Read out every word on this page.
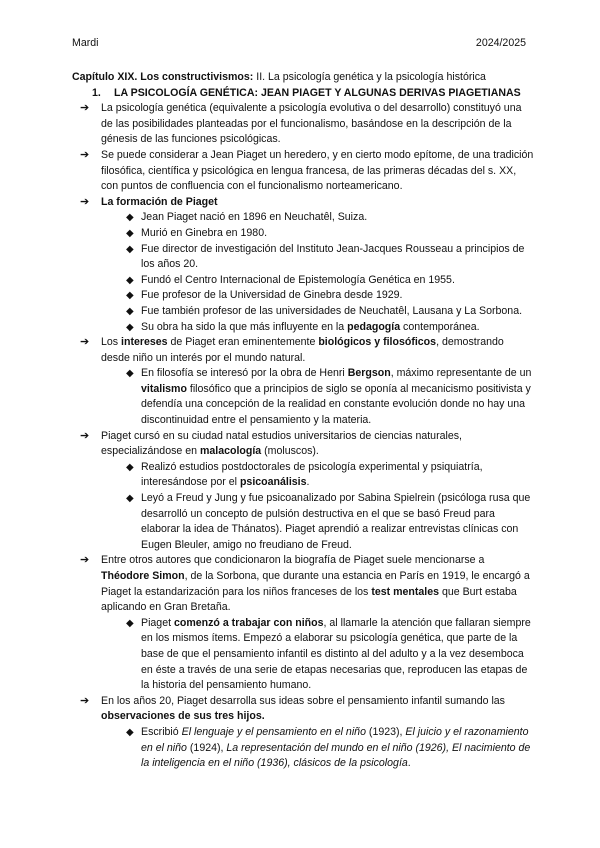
Mardi	2024/2025
Capítulo XIX. Los constructivismos: II. La psicología genética y la psicología histórica
1.	LA PSICOLOGÍA GENÉTICA: JEAN PIAGET Y ALGUNAS DERIVAS PIAGETIANAS
➔	La psicología genética (equivalente a psicología evolutiva o del desarrollo) constituyó una de las posibilidades planteadas por el funcionalismo, basándose en la descripción de la génesis de las funciones psicológicas.
➔	Se puede considerar a Jean Piaget un heredero, y en cierto modo epítome, de una tradición filosófica, científica y psicológica en lengua francesa, de las primeras décadas del s. XX, con puntos de confluencia con el funcionalismo norteamericano.
➔	La formación de Piaget
◆ Jean Piaget nació en 1896 en Neuchatêl, Suiza.
◆ Murió en Ginebra en 1980.
◆ Fue director de investigación del Instituto Jean-Jacques Rousseau a principios de los años 20.
◆ Fundó el Centro Internacional de Epistemología Genética en 1955.
◆ Fue profesor de la Universidad de Ginebra desde 1929.
◆ Fue también profesor de las universidades de Neuchatêl, Lausana y La Sorbona.
◆ Su obra ha sido la que más influyente en la pedagogía contemporánea.
➔	Los intereses de Piaget eran eminentemente biológicos y filosóficos, demostrando desde niño un interés por el mundo natural.
◆ En filosofía se interesó por la obra de Henri Bergson, máximo representante de un vitalismo filosófico que a principios de siglo se oponía al mecanicismo positivista y defendía una concepción de la realidad en constante evolución donde no hay una discontinuidad entre el pensamiento y la materia.
➔	Piaget cursó en su ciudad natal estudios universitarios de ciencias naturales, especializándose en malacología (moluscos).
◆ Realizó estudios postdoctorales de psicología experimental y psiquiatría, interesándose por el psicoanálisis.
◆ Leyó a Freud y Jung y fue psicoanalizado por Sabina Spielrein (psicóloga rusa que desarrolló un concepto de pulsión destructiva en el que se basó Freud para elaborar la idea de Thánatos). Piaget aprendió a realizar entrevistas clínicas con Eugen Bleuler, amigo no freudiano de Freud.
➔	Entre otros autores que condicionaron la biografía de Piaget suele mencionarse a Théodore Simon, de la Sorbona, que durante una estancia en París en 1919, le encargó a Piaget la estandarización para los niños franceses de los test mentales que Burt estaba aplicando en Gran Bretaña.
◆ Piaget comenzó a trabajar con niños, al llamarle la atención que fallaran siempre en los mismos ítems. Empezó a elaborar su psicología genética, que parte de la base de que el pensamiento infantil es distinto al del adulto y a la vez desemboca en éste a través de una serie de etapas necesarias que, reproducen las etapas de la historia del pensamiento humano.
➔	En los años 20, Piaget desarrolla sus ideas sobre el pensamiento infantil sumando las observaciones de sus tres hijos.
◆ Escribió El lenguaje y el pensamiento en el niño (1923), El juicio y el razonamiento en el niño (1924), La representación del mundo en el niño (1926), El nacimiento de la inteligencia en el niño (1936), clásicos de la psicología.
